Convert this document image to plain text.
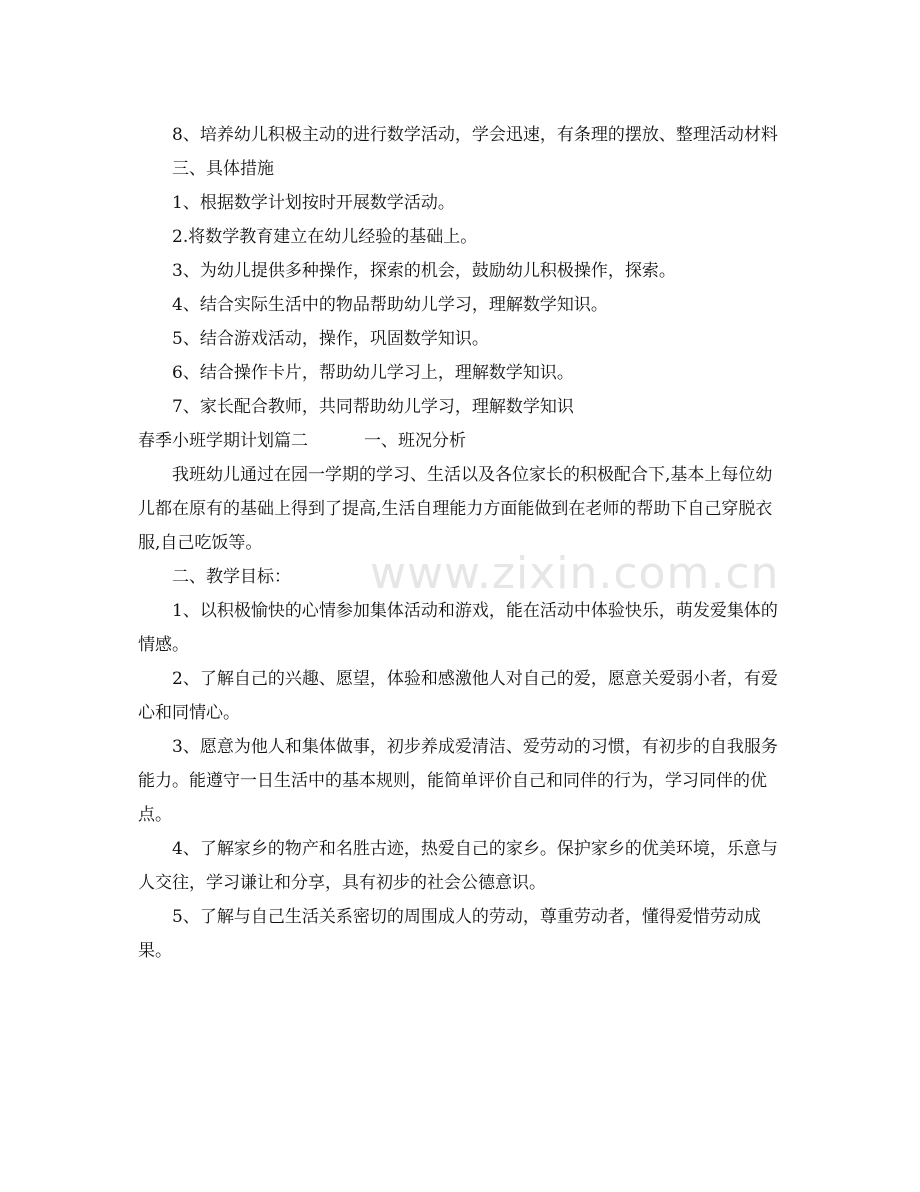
www.zixin.com.cn

8、培养幼儿积极主动的进行数学活动，学会迅速，有条理的摆放、整理活动材料

三、具体措施

1、根据数学计划按时开展数学活动。

2.将数学教育建立在幼儿经验的基础上。

3、为幼儿提供多种操作，探索的机会，鼓励幼儿积极操作，探索。

4、结合实际生活中的物品帮助幼儿学习，理解数学知识。

5、结合游戏活动，操作，巩固数学知识。

6、结合操作卡片，帮助幼儿学习上，理解数学知识。

7、家长配合教师，共同帮助幼儿学习，理解数学知识

春季小班学期计划篇二	一、班况分析

我班幼儿通过在园一学期的学习、生活以及各位家长的积极配合下,基本上每位幼儿都在原有的基础上得到了提高,生活自理能力方面能做到在老师的帮助下自己穿脱衣服,自己吃饭等。

二、教学目标：

1、以积极愉快的心情参加集体活动和游戏，能在活动中体验快乐，萌发爱集体的情感。

2、了解自己的兴趣、愿望，体验和感激他人对自己的爱，愿意关爱弱小者，有爱心和同情心。

3、愿意为他人和集体做事，初步养成爱清洁、爱劳动的习惯，有初步的自我服务能力。能遵守一日生活中的基本规则，能简单评价自己和同伴的行为，学习同伴的优点。

4、了解家乡的物产和名胜古迹，热爱自己的家乡。保护家乡的优美环境，乐意与人交往，学习谦让和分享，具有初步的社会公德意识。

5、了解与自己生活关系密切的周围成人的劳动，尊重劳动者，懂得爱惜劳动成果。
